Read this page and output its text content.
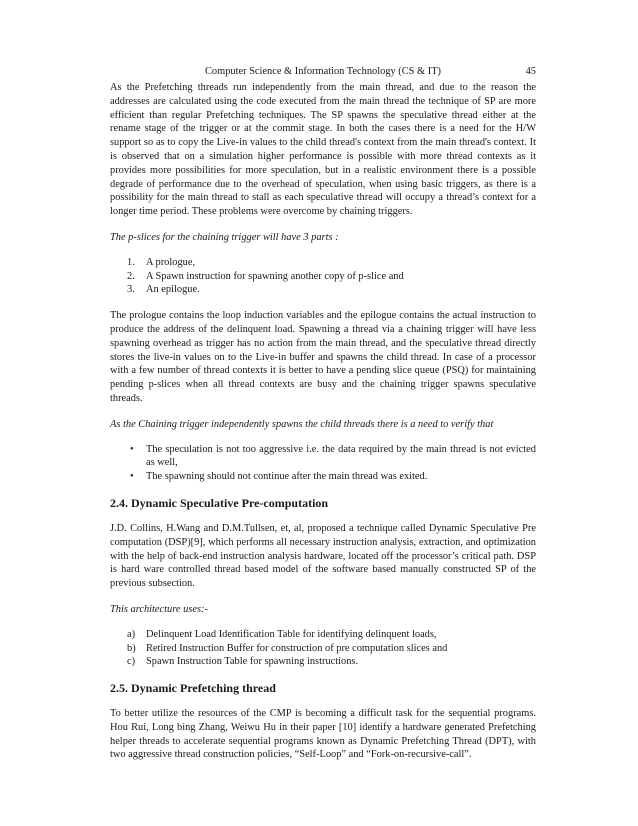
Computer Science & Information Technology (CS & IT)	45

As the Prefetching threads run independently from the main thread, and due to the reason the addresses are calculated using the code executed from the main thread the technique of SP are more efficient than regular Prefetching techniques. The SP spawns the speculative thread either at the rename stage of the trigger or at the commit stage. In both the cases there is a need for the H/W support so as to copy the Live-in values to the child thread's context from the main thread's context. It is observed that on a simulation higher performance is possible with more thread contexts as it provides more possibilities for more speculation, but in a realistic environment there is a possible degrade of performance due to the overhead of speculation, when using basic triggers, as there is a possibility for the main thread to stall as each speculative thread will occupy a thread’s context for a longer time period. These problems were overcome by chaining triggers.

The p-slices for the chaining trigger will have 3 parts :

1. A prologue,
2. A Spawn instruction for spawning another copy of p-slice and
3. An epilogue.

The prologue contains the loop induction variables and the epilogue contains the actual instruction to produce the address of the delinquent load. Spawning a thread via a chaining trigger will have less spawning overhead as trigger has no action from the main thread, and the speculative thread directly stores the live-in values on to the Live-in buffer and spawns the child thread. In case of a processor with a few number of thread contexts it is better to have a pending slice queue (PSQ) for maintaining pending p-slices when all thread contexts are busy and the chaining trigger spawns speculative threads.

As the Chaining trigger independently spawns the child threads there is a need to verify that

• The speculation is not too aggressive i.e. the data required by the main thread is not evicted as well,
• The spawning should not continue after the main thread was exited.
2.4. Dynamic Speculative Pre-computation

J.D. Collins, H.Wang and D.M.Tullsen, et, al, proposed a technique called Dynamic Speculative Pre computation (DSP)[9], which performs all necessary instruction analysis, extraction, and optimization with the help of back-end instruction analysis hardware, located off the processor’s critical path. DSP is hard ware controlled thread based model of the software based manually constructed SP of the previous subsection.

This architecture uses:-

a) Delinquent Load Identification Table for identifying delinquent loads,
b) Retired Instruction Buffer for construction of pre computation slices and
c) Spawn Instruction Table for spawning instructions.
2.5. Dynamic Prefetching thread

To better utilize the resources of the CMP is becoming a difficult task for the sequential programs. Hou Rui, Long bing Zhang, Weiwu Hu in their paper [10] identify a hardware generated Prefetching helper threads to accelerate sequential programs known as Dynamic Prefetching Thread (DPT), with two aggressive thread construction policies, “Self-Loop” and “Fork-on-recursive-call”.
